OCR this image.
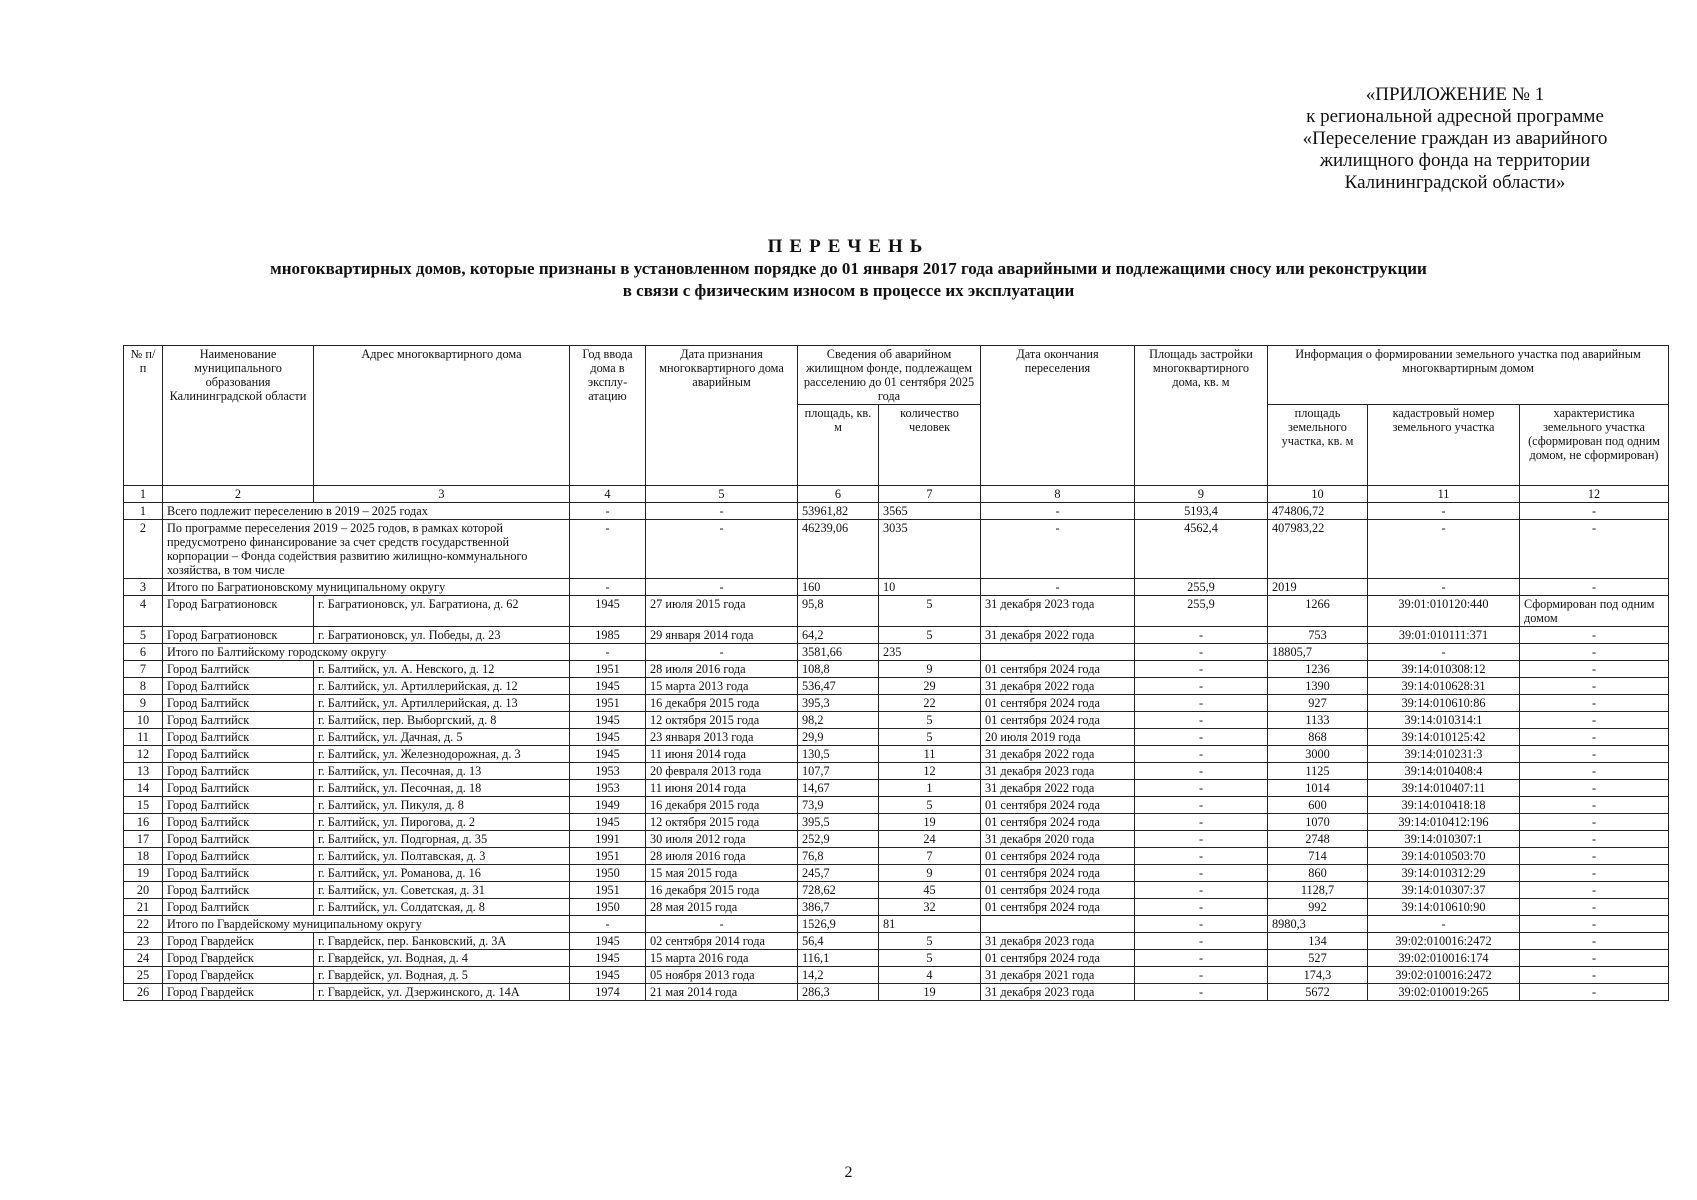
«ПРИЛОЖЕНИЕ № 1
к региональной адресной программе
«Переселение граждан из аварийного
жилищного фонда на территории
Калининградской области»
ПЕРЕЧЕНЬ
многоквартирных домов, которые признаны в установленном порядке до 01 января 2017 года аварийными и подлежащими сносу или реконструкции
в связи с физическим износом в процессе их эксплуатации
№ п/п	Наименование муниципального образования Калининградской области	Адрес многоквартирного дома	Год ввода дома в эксплу-атацию	Дата признания многоквартирного дома аварийным	Сведения об аварийном жилищном фонде, подлежащем расселению до 01 сентября 2025 года		Дата окончания переселения	Площадь застройки многоквартирного дома, кв. м	Информация о формировании земельного участка под аварийным многоквартирным домом		
					площадь, кв. м	количество человек			площадь земельного участка, кв. м	кадастровый номер земельного участка	характеристика земельного участка (сформирован под одним домом, не сформирован)

1	2	3	4	5	6	7	8	9	10	11	12
1	Всего подлежит переселению в 2019 – 2025 годах		-	-	53961,82	3565	-	5193,4	474806,72	-	-
2	По программе переселения 2019 – 2025 годов, в рамках которой предусмотрено финансирование за счет средств государственной корпорации – Фонда содействия развитию жилищно-коммунального хозяйства, в том числе		-	-	46239,06	3035	-	4562,4	407983,22	-	-
3	Итого по Багратионовскому муниципальному округу		-	-	160	10	-	255,9	2019	-	-
4	Город Багратионовск	г. Багратионовск, ул. Багратиона, д. 62	1945	27 июля 2015 года	95,8	5	31 декабря 2023 года	255,9	1266	39:01:010120:440	Сформирован под одним домом
5	Город Багратионовск	г. Багратионовск, ул. Победы, д. 23	1985	29 января 2014 года	64,2	5	31 декабря 2022 года	-	753	39:01:010111:371	-
6	Итого по Балтийскому городскому округу		-	-	3581,66	235		-	18805,7	-	-
7	Город Балтийск	г. Балтийск, ул. А. Невского, д. 12	1951	28 июля 2016 года	108,8	9	01 сентября 2024 года	-	1236	39:14:010308:12	-
8	Город Балтийск	г. Балтийск, ул. Артиллерийская, д. 12	1945	15 марта 2013 года	536,47	29	31 декабря 2022 года	-	1390	39:14:010628:31	-
9	Город Балтийск	г. Балтийск, ул. Артиллерийская, д. 13	1951	16 декабря 2015 года	395,3	22	01 сентября 2024 года	-	927	39:14:010610:86	-
10	Город Балтийск	г. Балтийск, пер. Выборгский, д. 8	1945	12 октября 2015 года	98,2	5	01 сентября 2024 года	-	1133	39:14:010314:1	-
11	Город Балтийск	г. Балтийск, ул. Дачная, д. 5	1945	23 января 2013 года	29,9	5	20 июля 2019 года	-	868	39:14:010125:42	-
12	Город Балтийск	г. Балтийск, ул. Железнодорожная, д. 3	1945	11 июня 2014 года	130,5	11	31 декабря 2022 года	-	3000	39:14:010231:3	-
13	Город Балтийск	г. Балтийск, ул. Песочная, д. 13	1953	20 февраля 2013 года	107,7	12	31 декабря 2023 года	-	1125	39:14:010408:4	-
14	Город Балтийск	г. Балтийск, ул. Песочная, д. 18	1953	11 июня 2014 года	14,67	1	31 декабря 2022 года	-	1014	39:14:010407:11	-
15	Город Балтийск	г. Балтийск, ул. Пикуля, д. 8	1949	16 декабря 2015 года	73,9	5	01 сентября 2024 года	-	600	39:14:010418:18	-
16	Город Балтийск	г. Балтийск, ул. Пирогова, д. 2	1945	12 октября 2015 года	395,5	19	01 сентября 2024 года	-	1070	39:14:010412:196	-
17	Город Балтийск	г. Балтийск, ул. Подгорная, д. 35	1991	30 июля 2012 года	252,9	24	31 декабря 2020 года	-	2748	39:14:010307:1	-
18	Город Балтийск	г. Балтийск, ул. Полтавская, д. 3	1951	28 июля 2016 года	76,8	7	01 сентября 2024 года	-	714	39:14:010503:70	-
19	Город Балтийск	г. Балтийск, ул. Романова, д. 16	1950	15 мая 2015 года	245,7	9	01 сентября 2024 года	-	860	39:14:010312:29	-
20	Город Балтийск	г. Балтийск, ул. Советская, д. 31	1951	16 декабря 2015 года	728,62	45	01 сентября 2024 года	-	1128,7	39:14:010307:37	-
21	Город Балтийск	г. Балтийск, ул. Солдатская, д. 8	1950	28 мая 2015 года	386,7	32	01 сентября 2024 года	-	992	39:14:010610:90	-
22	Итого по Гвардейскому муниципальному округу		-	-	1526,9	81		-	8980,3	-	-
23	Город Гвардейск	г. Гвардейск, пер. Банковский, д. 3А	1945	02 сентября 2014 года	56,4	5	31 декабря 2023 года	-	134	39:02:010016:2472	-
24	Город Гвардейск	г. Гвардейск, ул. Водная, д. 4	1945	15 марта 2016 года	116,1	5	01 сентября 2024 года	-	527	39:02:010016:174	-
25	Город Гвардейск	г. Гвардейск, ул. Водная, д. 5	1945	05 ноября 2013 года	14,2	4	31 декабря 2021 года	-	174,3	39:02:010016:2472	-
26	Город Гвардейск	г. Гвардейск, ул. Дзержинского, д. 14А	1974	21 мая 2014 года	286,3	19	31 декабря 2023 года	-	5672	39:02:010019:265	-
2
